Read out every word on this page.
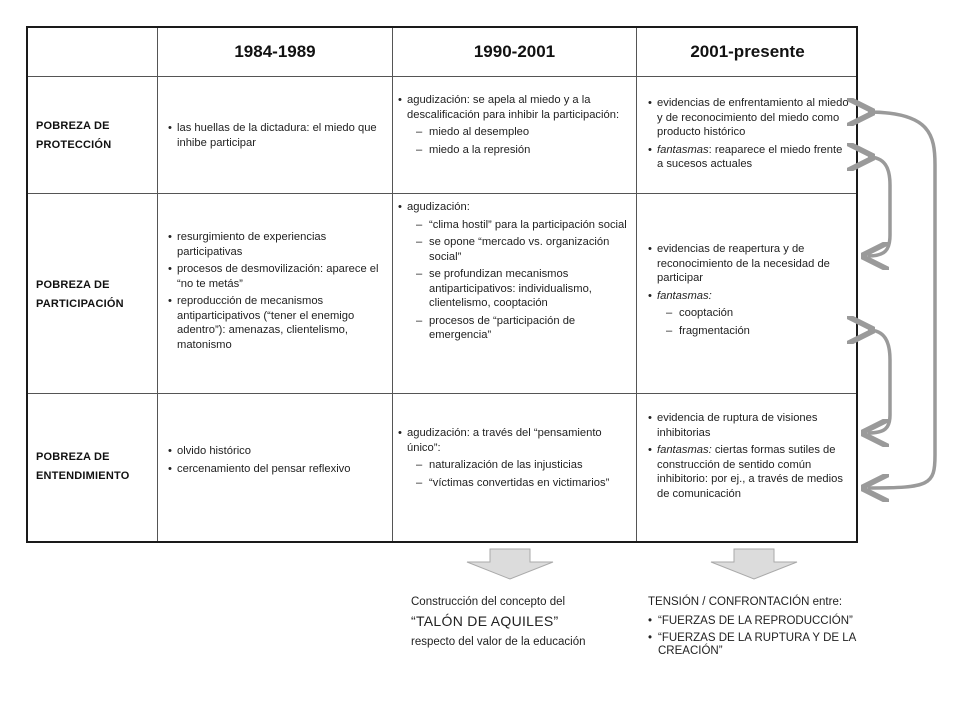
1984-1989	1990-2001	2001-presente
POBREZA DE PROTECCIÓN
• las huellas de la dictadura: el miedo que inhibe participar
• agudización: se apela al miedo y a la descalificación para inhibir la participación:
– miedo al desempleo
– miedo a la represión
• evidencias de enfrentamiento al miedo y de reconocimiento del miedo como producto histórico
• fantasmas: reaparece el miedo frente a sucesos actuales
POBREZA DE PARTICIPACIÓN
• resurgimiento de experiencias participativas
• procesos de desmovilización: aparece el “no te metás”
• reproducción de mecanismos antiparticipativos (“tener el enemigo adentro”): amenazas, clientelismo, matonismo
• agudización:
– “clima hostil” para la participación social
– se opone “mercado vs. organización social”
– se profundizan mecanismos antiparticipativos: individualismo, clientelismo, cooptación
– procesos de “participación de emergencia”
• evidencias de reapertura y de reconocimiento de la necesidad de participar
• fantasmas:
– cooptación
– fragmentación
POBREZA DE ENTENDIMIENTO
• olvido histórico
• cercenamiento del pensar reflexivo
• agudización: a través del “pensamiento único”:
– naturalización de las injusticias
– “víctimas convertidas en victimarios”
• evidencia de ruptura de visiones inhibitorias
• fantasmas: ciertas formas sutiles de construcción de sentido común inhibitorio: por ej., a través de medios de comunicación
Construcción del concepto del
“TALÓN DE AQUILES”
respecto del valor de la educación
TENSIÓN / CONFRONTACIÓN entre:
• “FUERZAS DE LA REPRODUCCIÓN”
• “FUERZAS DE LA RUPTURA Y DE LA CREACIÓN”
